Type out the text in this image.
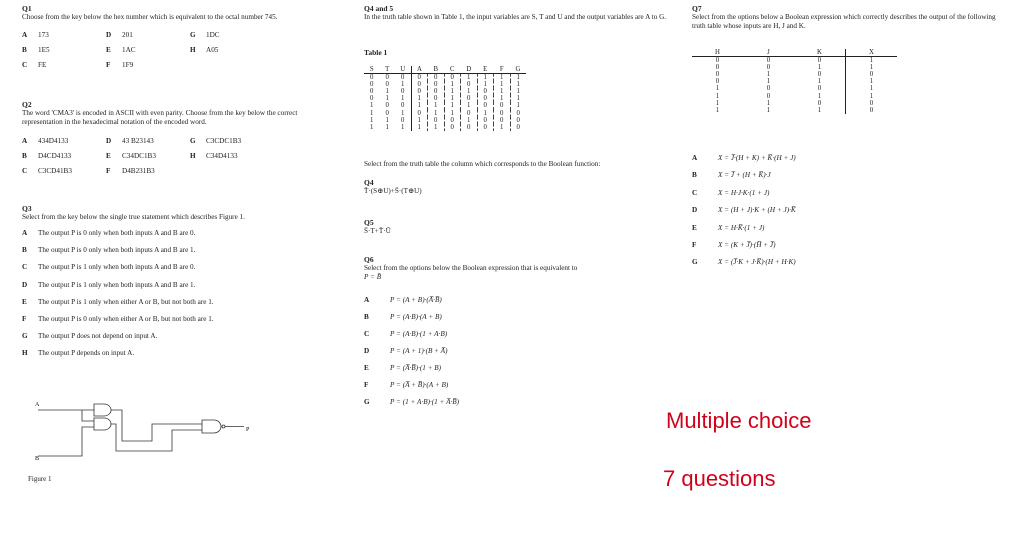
Q1

Choose from the key below the hex number which is equivalent to the octal number 745.

A 173	D 201	G 1DC
B 1E5	E 1AC	H A05
C FE	F 1F9
Q2

The word 'CMA3' is encoded in ASCII with even parity. Choose from the key below the correct representation in the hexadecimal notation of the encoded word.

A 434D4133	D 43 B23143	G C3CDC1B3
B D4CD4133	E C34DC1B3	H C34D4133
C C3CD41B3	F D4B231B3
Q3

Select from the key below the single true statement which describes Figure 1.

A The output P is 0 only when both inputs A and B are 0.
B The output P is 0 only when both inputs A and B are 1.
C The output P is 1 only when both inputs A and B are 0.
D The output P is 1 only when both inputs A and B are 1.
E The output P is 1 only when either A or B, but not both are 1.
F The output P is 0 only when either A or B, but not both are 1.
G The output P does not depend on input A.
H The output P depends on input A.
A
B
P
Figure 1
Q4 and 5

In the truth table shown in Table 1, the input variables are S, T and U and the output variables are A to G.

Table 1
S	T	U	A	B	C	D	E	F	G
0	0	0	0	0	0	1	1	1	1
0	0	1	0	0	1	0	1	1	1
0	1	0	0	0	1	1	0	1	1
0	1	1	1	0	1	0	0	1	1
1	0	0	1	1	1	1	0	0	1
1	0	1	0	1	1	0	1	0	0
1	1	0	1	0	0	1	0	0	0
1	1	1	1	1	0	0	0	1	0

Select from the truth table the column which corresponds to the Boolean function:

Q4
T̄·(S⊕U)+S̄·(T⊕U)
Q5
S̄·T+T̄·Ū
Q6

Select from the options below the Boolean expression that is equivalent to

P = B̄
A	P = (A + B)·(A̅·B̅)
B	P = (A·B)·(A + B)
C	P = (A·B)·(1 + A·B)
D	P = (A + 1)·(B + A̅)
E	P = (A̅·B̅)·(1 + B)
F	P = (A̅ + B̅)·(A + B)
G	P = (1 + A·B)·(1 + A̅·B̅)
Q7

Select from the options below a Boolean expression which correctly describes the output of the following truth table whose inputs are H, J and K.

H	J	K	X
0	0	0	1
0	0	1	1
0	1	0	0
0	1	1	1
1	0	0	1
1	0	1	1
1	1	0	0
1	1	1	0
A	X = J̅·(H + K) + K̅·(H + J)
B	X = J̅ + (H + K̅)·J
C	X = H·J·K·(1 + J)
D	X = (H + J)·K + (H + J)·K̅
E	X = H·K̅·(1 + J)
F	X = (K + J̅)·(H̅ + J̅)
G	X = (J̅·K + J·K̅)·(H + H·K)
Multiple choice
7 questions
